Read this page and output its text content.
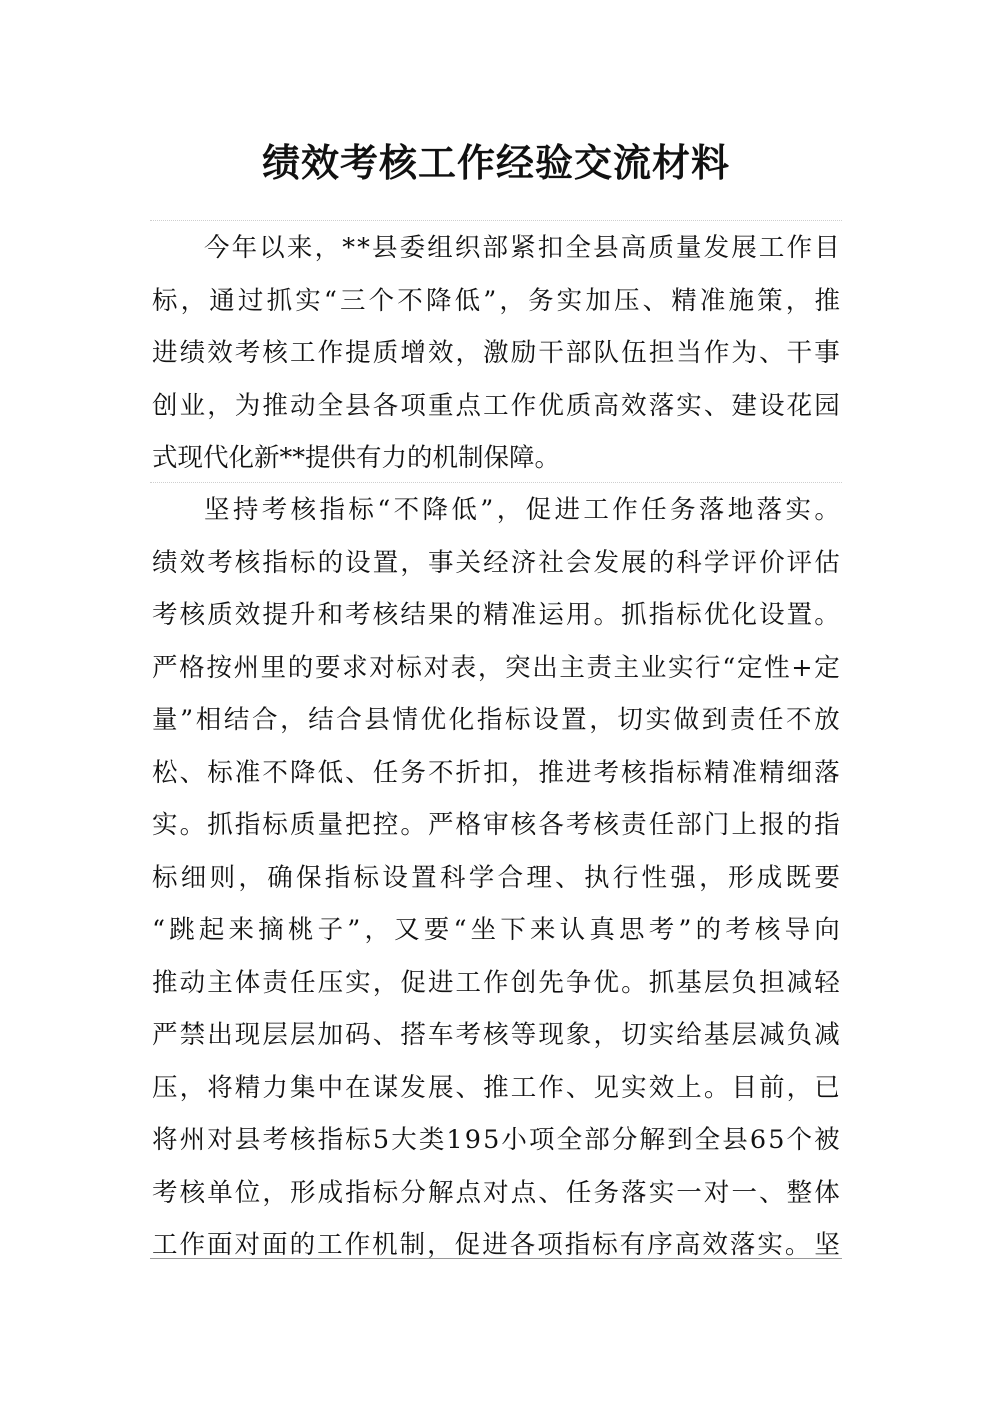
绩效考核工作经验交流材料
今 年 以 来 ， * * 县 委 组 织 部 紧 扣 全 县 高 质 量 发 展 工 作 目
标 ， 通 过 抓 实 “ 三 个 不 降 低 ” ， 务 实 加 压 、 精 准 施 策 ， 推
进 绩 效 考 核 工 作 提 质 增 效 ， 激 励 干 部 队 伍 担 当 作 为 、 干 事
创 业 ， 为 推 动 全 县 各 项 重 点 工 作 优 质 高 效 落 实 、 建 设 花 园
式现代化新**提供有力的机制保障。
坚 持 考 核 指 标 “ 不 降 低 ” ， 促 进 工 作 任 务 落 地 落 实 。
绩 效 考 核 指 标 的 设 置 ， 事 关 经 济 社 会 发 展 的 科 学 评 价 评 估
考 核 质 效 提 升 和 考 核 结 果 的 精 准 运 用 。 抓 指 标 优 化 设 置 。
严 格 按 州 里 的 要 求 对 标 对 表 ， 突 出 主 责 主 业 实 行 “ 定 性 + 定
量 ” 相 结 合 ， 结 合 县 情 优 化 指 标 设 置 ， 切 实 做 到 责 任 不 放
松 、 标 准 不 降 低 、 任 务 不 折 扣 ， 推 进 考 核 指 标 精 准 精 细 落
实 。 抓 指 标 质 量 把 控 。 严 格 审 核 各 考 核 责 任 部 门 上 报 的 指
标 细 则 ， 确 保 指 标 设 置 科 学 合 理 、 执 行 性 强 ， 形 成 既 要
“ 跳 起 来 摘 桃 子 ” ， 又 要 “ 坐 下 来 认 真 思 考 ” 的 考 核 导 向
推 动 主 体 责 任 压 实 ， 促 进 工 作 创 先 争 优 。 抓 基 层 负 担 减 轻
严 禁 出 现 层 层 加 码 、 搭 车 考 核 等 现 象 ， 切 实 给 基 层 减 负 减
压 ， 将 精 力 集 中 在 谋 发 展 、 推 工 作 、 见 实 效 上 。 目 前 ， 已
将 州 对 县 考 核 指 标 5 大 类 1 9 5 小 项 全 部 分 解 到 全 县 6 5 个 被
考 核 单 位 ， 形 成 指 标 分 解 点 对 点 、 任 务 落 实 一 对 一 、 整 体
工 作 面 对 面 的 工 作 机 制 ， 促 进 各 项 指 标 有 序 高 效 落 实 。 坚
